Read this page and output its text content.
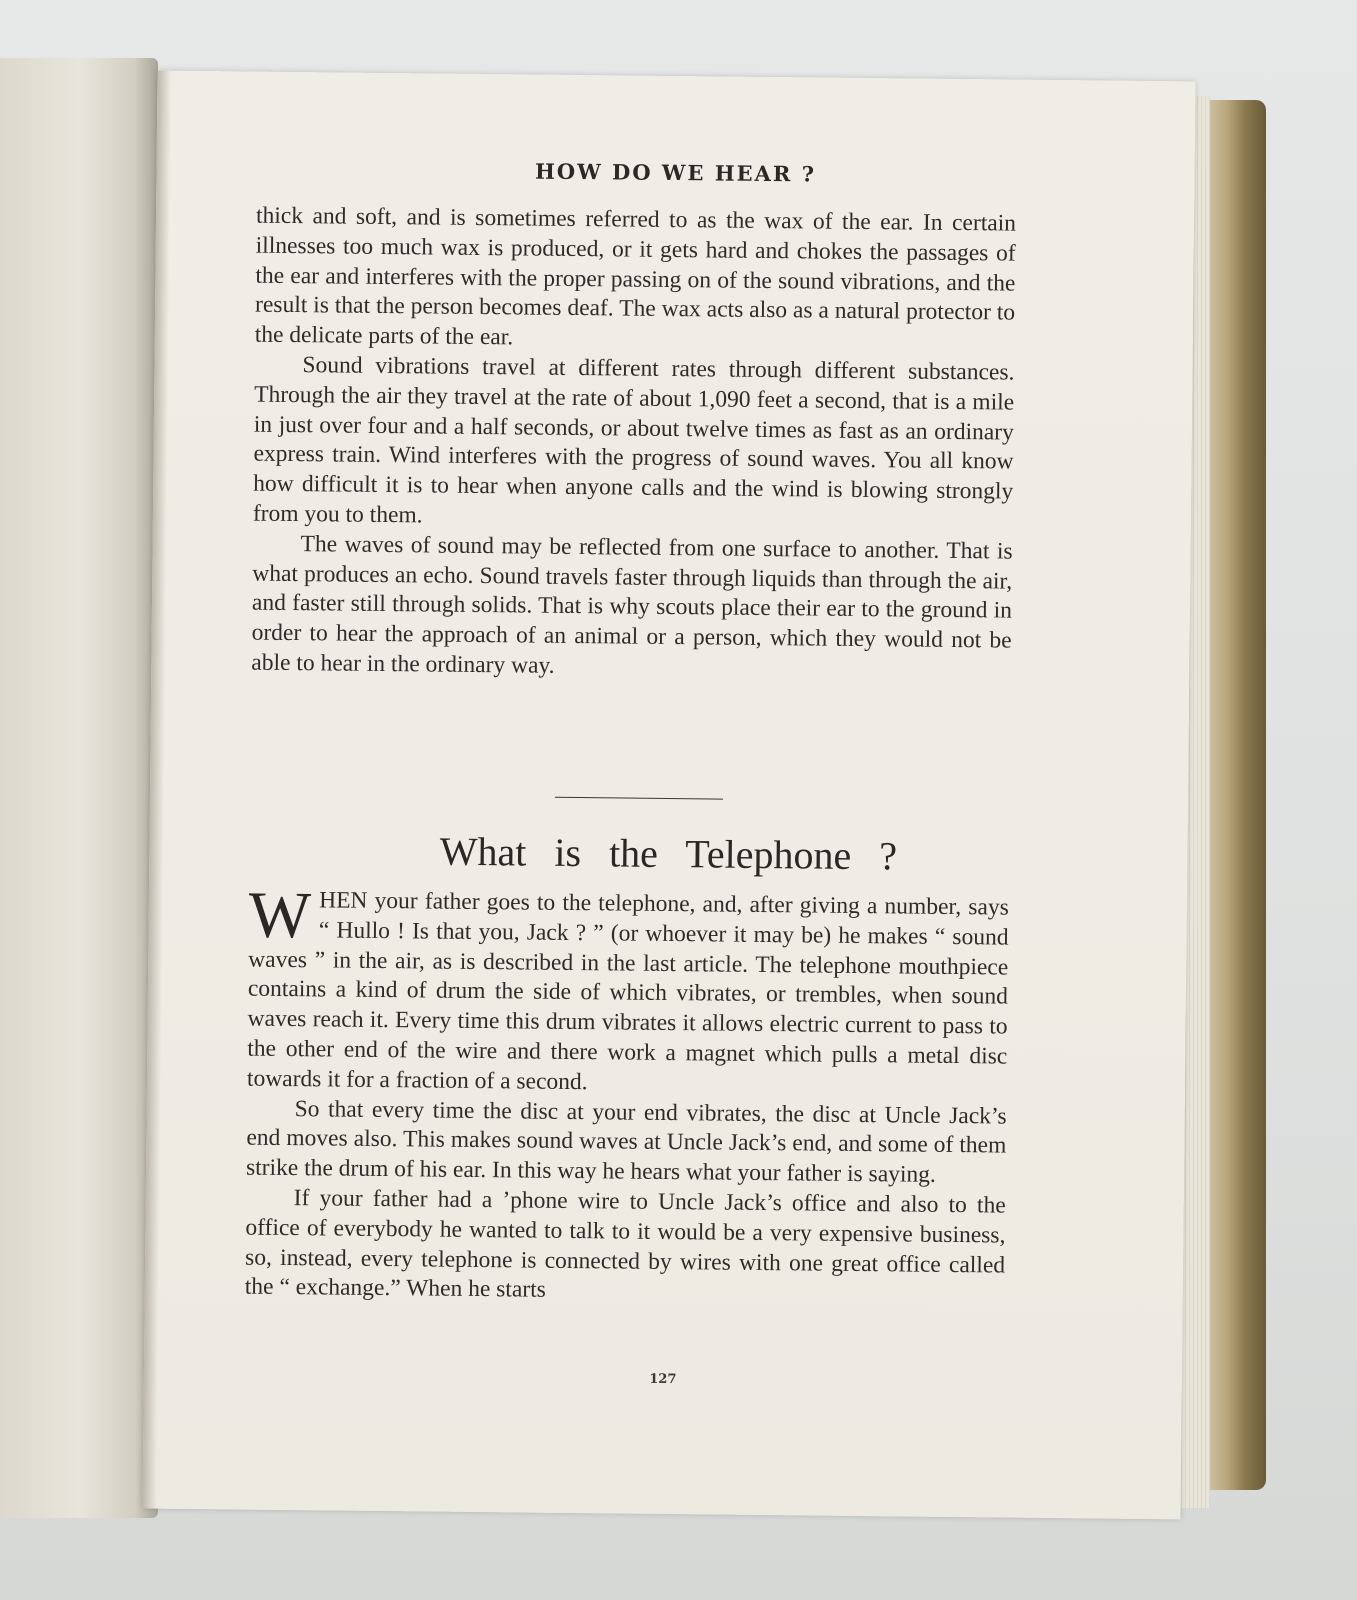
HOW DO WE HEAR ?

thick and soft, and is sometimes referred to as the wax of the ear. In certain illnesses too much wax is produced, or it gets hard and chokes the passages of the ear and interferes with the proper passing on of the sound vibrations, and the result is that the person becomes deaf. The wax acts also as a natural protector to the delicate parts of the ear.

Sound vibrations travel at different rates through different substances. Through the air they travel at the rate of about 1,090 feet a second, that is a mile in just over four and a half seconds, or about twelve times as fast as an ordinary express train. Wind interferes with the progress of sound waves. You all know how difficult it is to hear when anyone calls and the wind is blowing strongly from you to them.

The waves of sound may be reflected from one surface to another. That is what produces an echo. Sound travels faster through liquids than through the air, and faster still through solids. That is why scouts place their ear to the ground in order to hear the approach of an animal or a person, which they would not be able to hear in the ordinary way.

What is the Telephone ?

WHEN your father goes to the telephone, and, after giving a number, says “ Hullo ! Is that you, Jack ? ” (or whoever it may be) he makes “ sound waves ” in the air, as is described in the last article. The telephone mouthpiece contains a kind of drum the side of which vibrates, or trembles, when sound waves reach it. Every time this drum vibrates it allows electric current to pass to the other end of the wire and there work a magnet which pulls a metal disc towards it for a fraction of a second.

So that every time the disc at your end vibrates, the disc at Uncle Jack’s end moves also. This makes sound waves at Uncle Jack’s end, and some of them strike the drum of his ear. In this way he hears what your father is saying.

If your father had a ’phone wire to Uncle Jack’s office and also to the office of everybody he wanted to talk to it would be a very expensive business, so, instead, every telephone is connected by wires with one great office called the “ exchange.” When he starts

127
